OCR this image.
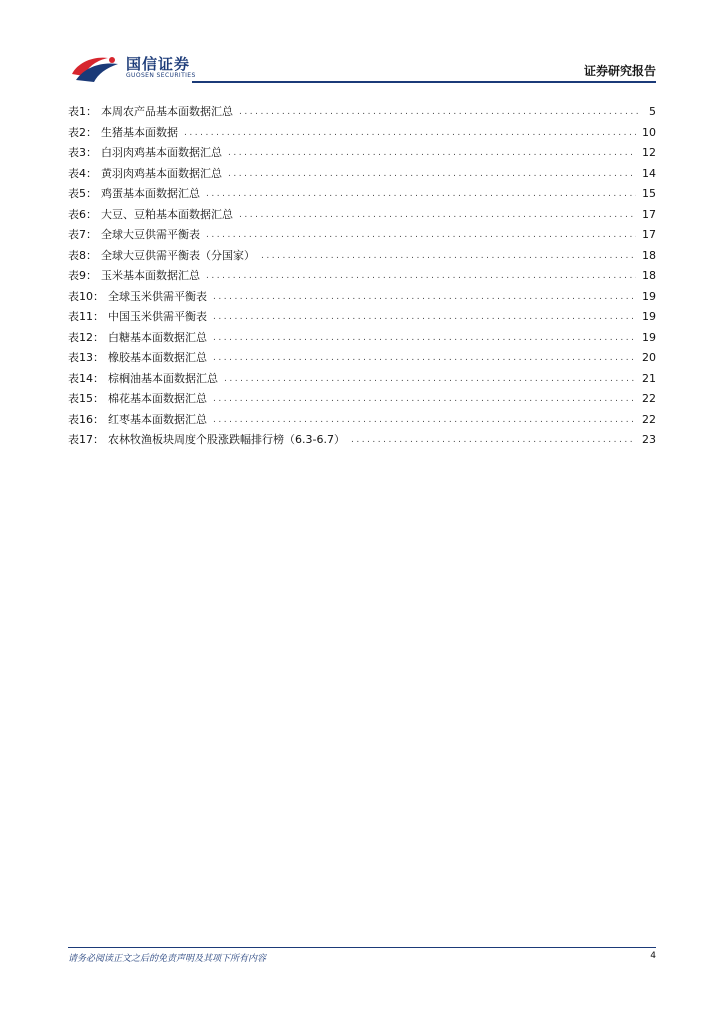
国信证券
GUOSEN SECURITIES	证券研究报告
表1： 本周农产品基本面数据汇总 .....	5
表2： 生猪基本面数据 .....	10
表3： 白羽肉鸡基本面数据汇总 .....	12
表4： 黄羽肉鸡基本面数据汇总 .....	14
表5： 鸡蛋基本面数据汇总 .....	15
表6： 大豆、豆粕基本面数据汇总 .....	17
表7： 全球大豆供需平衡表 .....	17
表8： 全球大豆供需平衡表（分国家） .....	18
表9： 玉米基本面数据汇总 .....	18
表10： 全球玉米供需平衡表 .....	19
表11： 中国玉米供需平衡表 .....	19
表12： 白糖基本面数据汇总 .....	19
表13： 橡胶基本面数据汇总 .....	20
表14： 棕榈油基本面数据汇总 .....	21
表15： 棉花基本面数据汇总 .....	22
表16： 红枣基本面数据汇总 .....	22
表17： 农林牧渔板块周度个股涨跌幅排行榜（6.3-6.7） .....	23
请务必阅读正文之后的免责声明及其项下所有内容	4
